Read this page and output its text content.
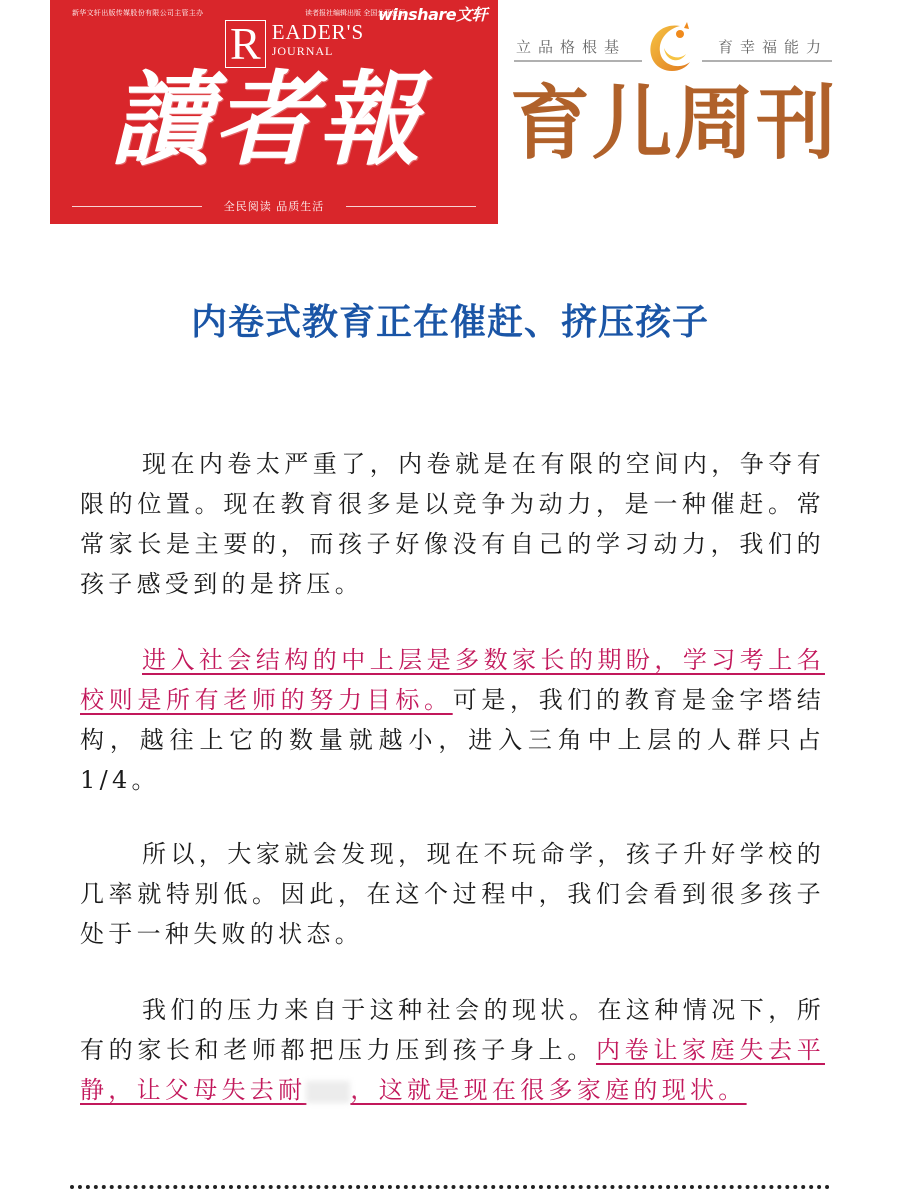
新华文轩出版传媒股份有限公司主管主办	读者报社编辑出版 全国公开发行
winshare文轩
R EADER'S
JOURNAL
讀者報
全民阅读 品质生活
立品格根基	育幸福能力
育儿周刊
内卷式教育正在催赶、挤压孩子

现在内卷太严重了，内卷就是在有限的空间内，争夺有限的位置。现在教育很多是以竞争为动力，是一种催赶。常常家长是主要的，而孩子好像没有自己的学习动力，我们的孩子感受到的是挤压。

进入社会结构的中上层是多数家长的期盼，学习考上名校则是所有老师的努力目标。可是，我们的教育是金字塔结构，越往上它的数量就越小，进入三角中上层的人群只占1/4。

所以，大家就会发现，现在不玩命学，孩子升好学校的几率就特别低。因此，在这个过程中，我们会看到很多孩子处于一种失败的状态。

我们的压力来自于这种社会的现状。在这种情况下，所有的家长和老师都把压力压到孩子身上。内卷让家庭失去平静，让父母失去耐 ，这就是现在很多家庭的现状。
